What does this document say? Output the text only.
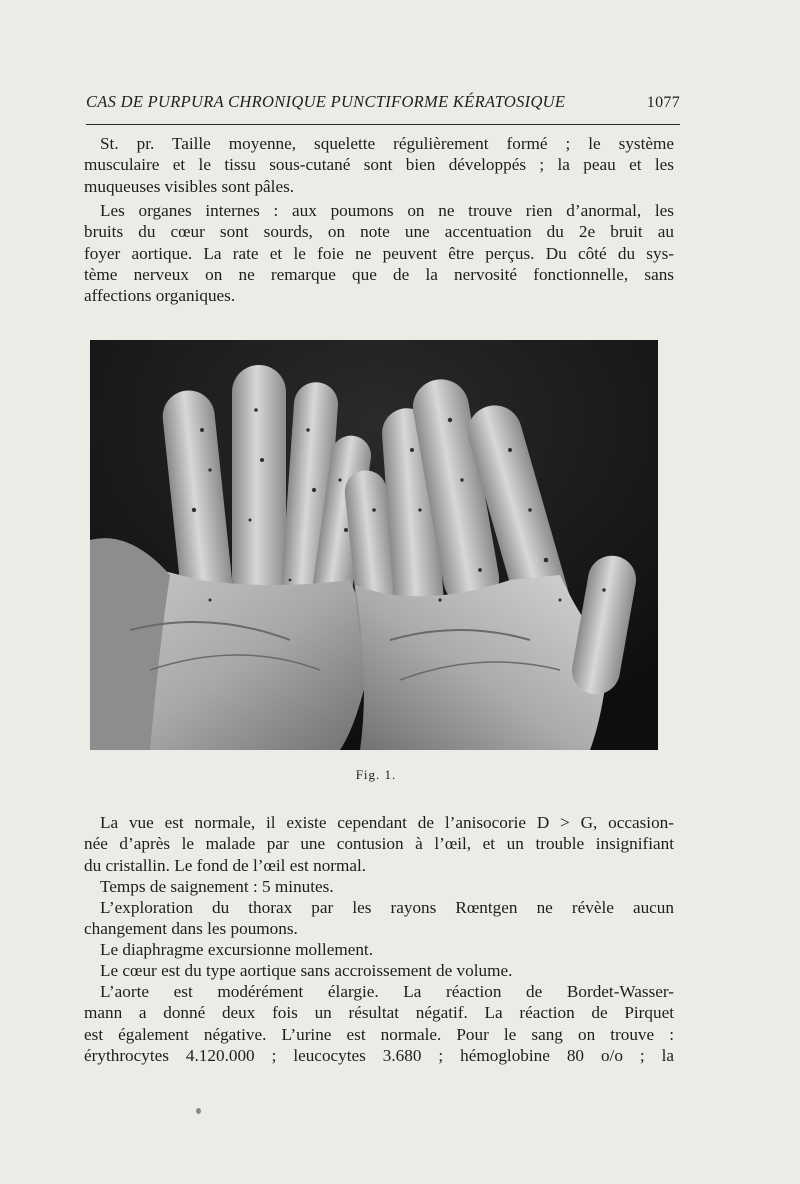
CAS DE PURPURA CHRONIQUE PUNCTIFORME KÉRATOSIQUE	1077

St. pr. Taille moyenne, squelette régulièrement formé ; le système
musculaire et le tissu sous-cutané sont bien développés ; la peau et les
muqueuses visibles sont pâles.

Les organes internes : aux poumons on ne trouve rien d’anormal, les
bruits du cœur sont sourds, on note une accentuation du 2e bruit au
foyer aortique. La rate et le foie ne peuvent être perçus. Du côté du sys-
tème nerveux on ne remarque que de la nervosité fonctionnelle, sans
affections organiques.

Fig. 1.

La vue est normale, il existe cependant de l’anisocorie D > G, occasion-
née d’après le malade par une contusion à l’œil, et un trouble insignifiant
du cristallin. Le fond de l’œil est normal.

Temps de saignement : 5 minutes.

L’exploration du thorax par les rayons Rœntgen ne révèle aucun
changement dans les poumons.

Le diaphragme excursionne mollement.

Le cœur est du type aortique sans accroissement de volume.

L’aorte est modérément élargie. La réaction de Bordet-Wasser-
mann a donné deux fois un résultat négatif. La réaction de Pirquet
est également négative. L’urine est normale. Pour le sang on trouve :
érythrocytes 4.120.000 ; leucocytes 3.680 ; hémoglobine 80 o/o ; la
